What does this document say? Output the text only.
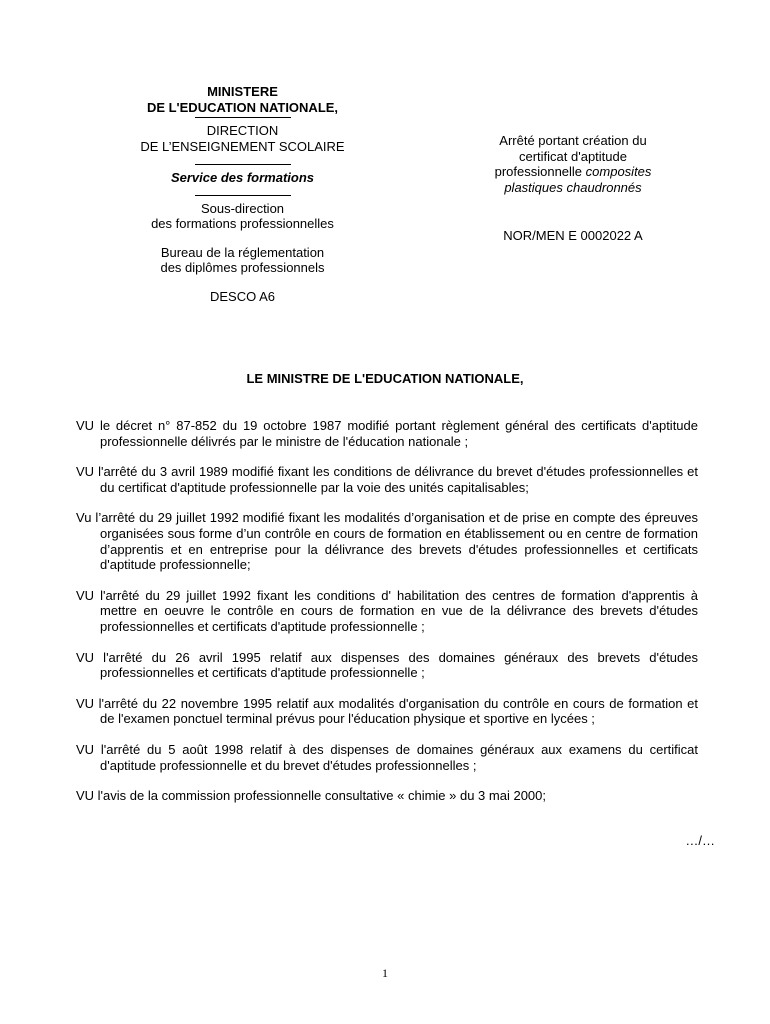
MINISTERE
DE L'EDUCATION NATIONALE,
DIRECTION
DE L’ENSEIGNEMENT SCOLAIRE
Service des formations
Sous-direction
des formations professionnelles
Bureau de la réglementation
des diplômes professionnels
DESCO A6
Arrêté portant création du
certificat d'aptitude
professionnelle composites
plastiques chaudronnés
NOR/MEN E 0002022 A
LE MINISTRE DE L'EDUCATION NATIONALE,

VU le décret n° 87-852 du 19 octobre 1987 modifié portant règlement général des certificats d'aptitude professionnelle délivrés par le ministre de l'éducation nationale ;

VU l'arrêté du 3 avril 1989 modifié fixant les conditions de délivrance du brevet d'études professionnelles et du certificat d'aptitude professionnelle par la voie des unités capitalisables;

Vu l’arrêté du 29 juillet 1992 modifié fixant les modalités d’organisation et de prise en compte des épreuves organisées sous forme d’un contrôle en cours de formation en établissement ou en centre de formation d’apprentis et en entreprise pour la délivrance des brevets d'études professionnelles et certificats d'aptitude professionnelle;

VU l'arrêté du 29 juillet 1992 fixant les conditions d' habilitation des centres de formation d'apprentis à mettre en oeuvre le contrôle en cours de formation en vue de la délivrance des brevets d'études professionnelles et certificats d'aptitude professionnelle ;

VU l'arrêté du 26 avril 1995 relatif aux dispenses des domaines généraux des brevets d'études professionnelles et certificats d'aptitude professionnelle ;

VU l'arrêté du 22 novembre 1995 relatif aux modalités d'organisation du contrôle en cours de formation et de l'examen ponctuel terminal prévus pour l'éducation physique et sportive en lycées ;

VU l'arrêté du 5 août 1998 relatif à des dispenses de domaines généraux aux examens du certificat d'aptitude professionnelle et du brevet d'études professionnelles ;

VU l'avis de la commission professionnelle consultative « chimie » du 3 mai 2000;

…/…
1
